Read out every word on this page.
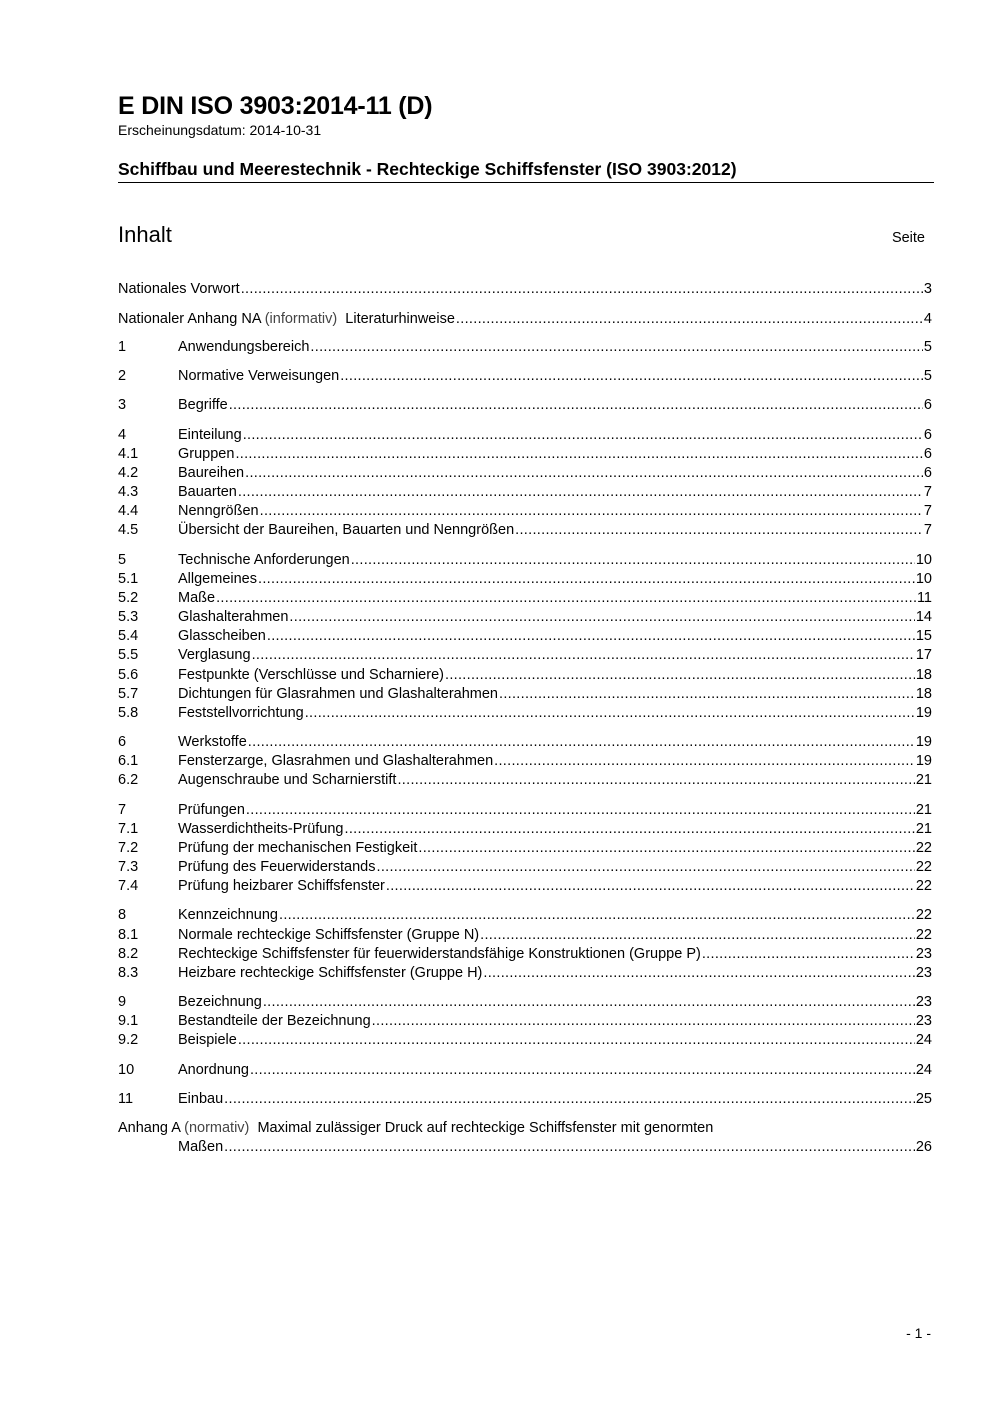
E DIN ISO 3903:2014-11 (D)
Erscheinungsdatum: 2014-10-31
Schiffbau und Meerestechnik - Rechteckige Schiffsfenster (ISO 3903:2012)
Inhalt	Seite
Nationales Vorwort .....	3
Nationaler Anhang NA (informativ) Literaturhinweise .....	4
1	Anwendungsbereich .....	5
2	Normative Verweisungen .....	5
3	Begriffe .....	6
4	Einteilung .....	6
4.1	Gruppen .....	6
4.2	Baureihen .....	6
4.3	Bauarten .....	7
4.4	Nenngrößen .....	7
4.5	Übersicht der Baureihen, Bauarten und Nenngrößen .....	7
5	Technische Anforderungen .....	10
5.1	Allgemeines .....	10
5.2	Maße .....	11
5.3	Glashalterahmen .....	14
5.4	Glasscheiben .....	15
5.5	Verglasung .....	17
5.6	Festpunkte (Verschlüsse und Scharniere) .....	18
5.7	Dichtungen für Glasrahmen und Glashalterahmen .....	18
5.8	Feststellvorrichtung .....	19
6	Werkstoffe .....	19
6.1	Fensterzarge, Glasrahmen und Glashalterahmen .....	19
6.2	Augenschraube und Scharnierstift .....	21
7	Prüfungen .....	21
7.1	Wasserdichtheits-Prüfung .....	21
7.2	Prüfung der mechanischen Festigkeit .....	22
7.3	Prüfung des Feuerwiderstands .....	22
7.4	Prüfung heizbarer Schiffsfenster .....	22
8	Kennzeichnung .....	22
8.1	Normale rechteckige Schiffsfenster (Gruppe N) .....	22
8.2	Rechteckige Schiffsfenster für feuerwiderstandsfähige Konstruktionen (Gruppe P) .....	23
8.3	Heizbare rechteckige Schiffsfenster (Gruppe H) .....	23
9	Bezeichnung .....	23
9.1	Bestandteile der Bezeichnung .....	23
9.2	Beispiele .....	24
10	Anordnung .....	24
11	Einbau .....	25
Anhang A (normativ) Maximal zulässiger Druck auf rechteckige Schiffsfenster mit genormten
Maßen .....	26
- 1 -
